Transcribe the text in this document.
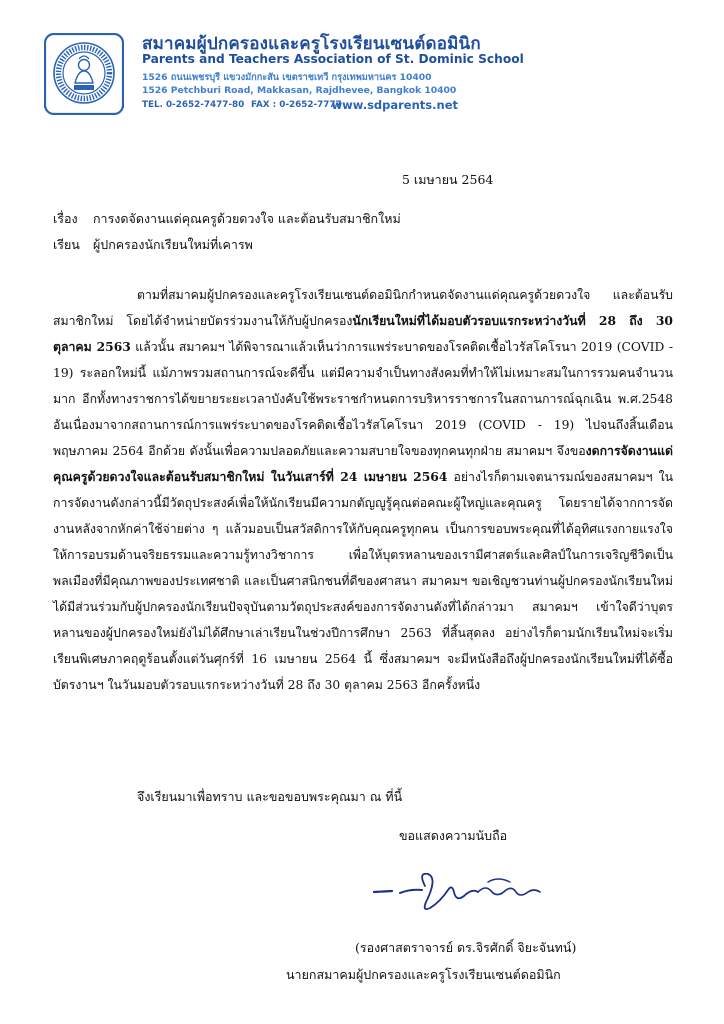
สมาคมผู้ปกครองและครูโรงเรียนเซนต์ดอมินิก
Parents and Teachers Association of St. Dominic School
1526 ถนนเพชรบุรี แขวงมักกะสัน เขตราชเทวี กรุงเทพมหานคร 10400
1526 Petchburi Road, Makkasan, Rajdhevee, Bangkok 10400
TEL. 0-2652-7477-80 FAX : 0-2652-7777
www.sdparents.net
5 เมษายน 2564
เรื่อง การงดจัดงานแด่คุณครูด้วยดวงใจ และต้อนรับสมาชิกใหม่
เรียน ผู้ปกครองนักเรียนใหม่ที่เคารพ

ตามที่สมาคมผู้ปกครองและครูโรงเรียนเซนต์ดอมินิกกำหนดจัดงานแด่คุณครูด้วยดวงใจ และต้อนรับสมาชิกใหม่ โดยได้จำหน่ายบัตรร่วมงานให้กับผู้ปกครองนักเรียนใหม่ที่ได้มอบตัวรอบแรกระหว่างวันที่ 28 ถึง 30 ตุลาคม 2563 แล้วนั้น สมาคมฯ ได้พิจารณาแล้วเห็นว่าการแพร่ระบาดของโรคติดเชื้อไวรัสโคโรนา 2019 (COVID - 19) ระลอกใหม่นี้ แม้ภาพรวมสถานการณ์จะดีขึ้น แต่มีความจำเป็นทางสังคมที่ทำให้ไม่เหมาะสมในการรวมคนจำนวนมาก อีกทั้งทางราชการได้ขยายระยะเวลาบังคับใช้พระราชกำหนดการบริหารราชการในสถานการณ์ฉุกเฉิน พ.ศ.2548 อันเนื่องมาจากสถานการณ์การแพร่ระบาดของโรคติดเชื้อไวรัสโคโรนา 2019 (COVID - 19) ไปจนถึงสิ้นเดือนพฤษภาคม 2564 อีกด้วย ดังนั้นเพื่อความปลอดภัยและความสบายใจของทุกคนทุกฝ่าย สมาคมฯ จึงของดการจัดงานแด่คุณครูด้วยดวงใจและต้อนรับสมาชิกใหม่ ในวันเสาร์ที่ 24 เมษายน 2564 อย่างไรก็ตามเจตนารมณ์ของสมาคมฯ ในการจัดงานดังกล่าวนี้มีวัตถุประสงค์เพื่อให้นักเรียนมีความกตัญญูรู้คุณต่อคณะผู้ใหญ่และคุณครู โดยรายได้จากการจัดงานหลังจากหักค่าใช้จ่ายต่าง ๆ แล้วมอบเป็นสวัสดิการให้กับคุณครูทุกคน เป็นการขอบพระคุณที่ได้อุทิศแรงกายแรงใจให้การอบรมด้านจริยธรรมและความรู้ทางวิชาการ เพื่อให้บุตรหลานของเรามีศาสตร์และศิลป์ในการเจริญชีวิตเป็นพลเมืองที่มีคุณภาพของประเทศชาติ และเป็นศาสนิกชนที่ดีของศาสนา สมาคมฯ ขอเชิญชวนท่านผู้ปกครองนักเรียนใหม่ได้มีส่วนร่วมกับผู้ปกครองนักเรียนปัจจุบันตามวัตถุประสงค์ของการจัดงานดังที่ได้กล่าวมา สมาคมฯ เข้าใจดีว่าบุตรหลานของผู้ปกครองใหม่ยังไม่ได้ศึกษาเล่าเรียนในช่วงปีการศึกษา 2563 ที่สิ้นสุดลง อย่างไรก็ตามนักเรียนใหม่จะเริ่มเรียนพิเศษภาคฤดูร้อนตั้งแต่วันศุกร์ที่ 16 เมษายน 2564 นี้ ซึ่งสมาคมฯ จะมีหนังสือถึงผู้ปกครองนักเรียนใหม่ที่ได้ซื้อบัตรงานฯ ในวันมอบตัวรอบแรกระหว่างวันที่ 28 ถึง 30 ตุลาคม 2563 อีกครั้งหนึ่ง

จึงเรียนมาเพื่อทราบ และขอขอบพระคุณมา ณ ที่นี้
ขอแสดงความนับถือ
(รองศาสตราจารย์ ดร.จิรศักดิ์ จิยะจันทน์)
นายกสมาคมผู้ปกครองและครูโรงเรียนเซนต์ดอมินิก
